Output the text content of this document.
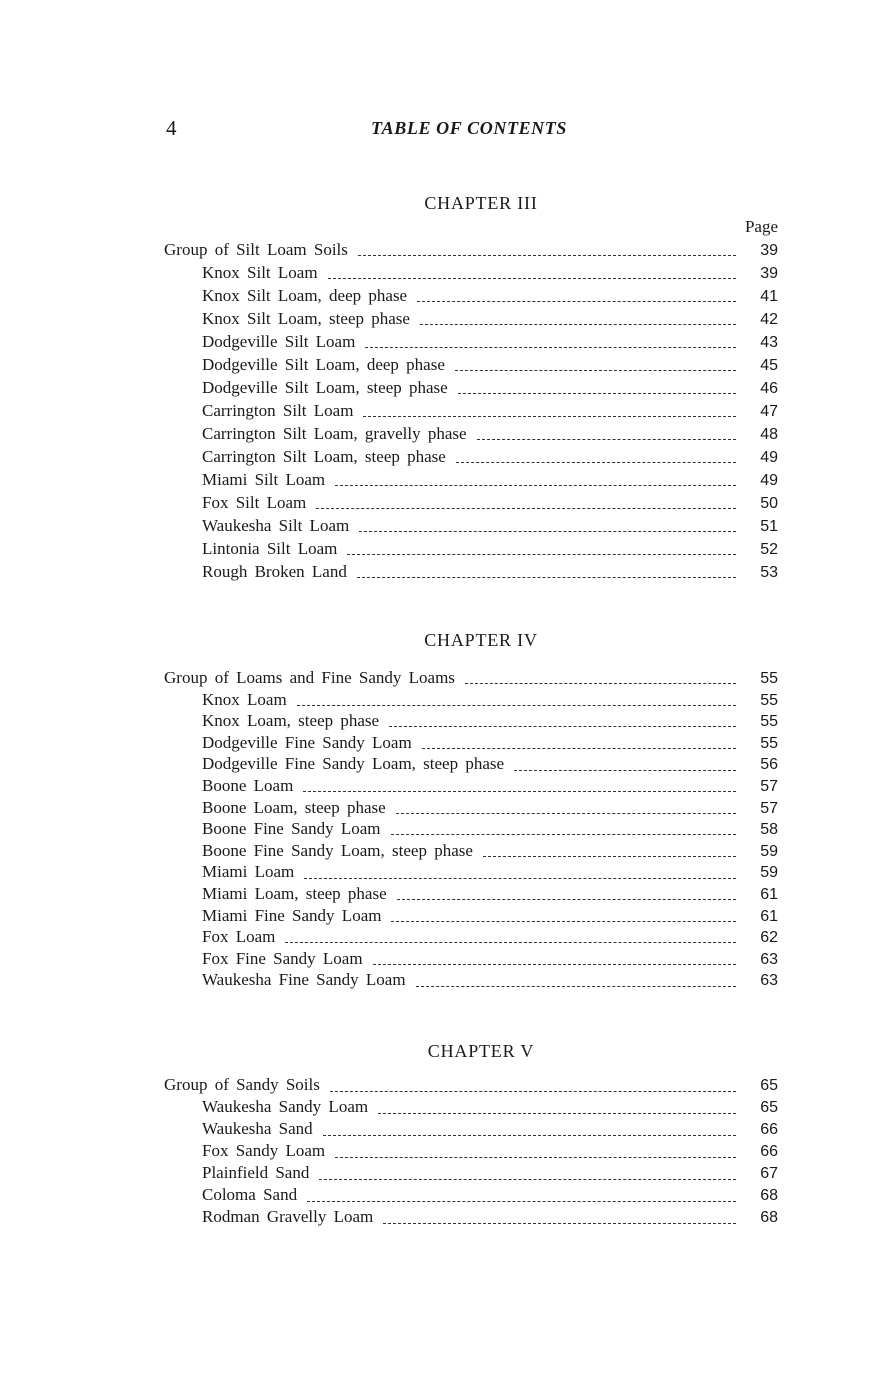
4	TABLE OF CONTENTS
CHAPTER III
Page
Group of Silt Loam Soils	39
Knox Silt Loam	39
Knox Silt Loam, deep phase	41
Knox Silt Loam, steep phase	42
Dodgeville Silt Loam	43
Dodgeville Silt Loam, deep phase	45
Dodgeville Silt Loam, steep phase	46
Carrington Silt Loam	47
Carrington Silt Loam, gravelly phase	48
Carrington Silt Loam, steep phase	49
Miami Silt Loam	49
Fox Silt Loam	50
Waukesha Silt Loam	51
Lintonia Silt Loam	52
Rough Broken Land	53
CHAPTER IV
Group of Loams and Fine Sandy Loams	55
Knox Loam	55
Knox Loam, steep phase	55
Dodgeville Fine Sandy Loam	55
Dodgeville Fine Sandy Loam, steep phase	56
Boone Loam	57
Boone Loam, steep phase	57
Boone Fine Sandy Loam	58
Boone Fine Sandy Loam, steep phase	59
Miami Loam	59
Miami Loam, steep phase	61
Miami Fine Sandy Loam	61
Fox Loam	62
Fox Fine Sandy Loam	63
Waukesha Fine Sandy Loam	63
CHAPTER V
Group of Sandy Soils	65
Waukesha Sandy Loam	65
Waukesha Sand	66
Fox Sandy Loam	66
Plainfield Sand	67
Coloma Sand	68
Rodman Gravelly Loam	68
